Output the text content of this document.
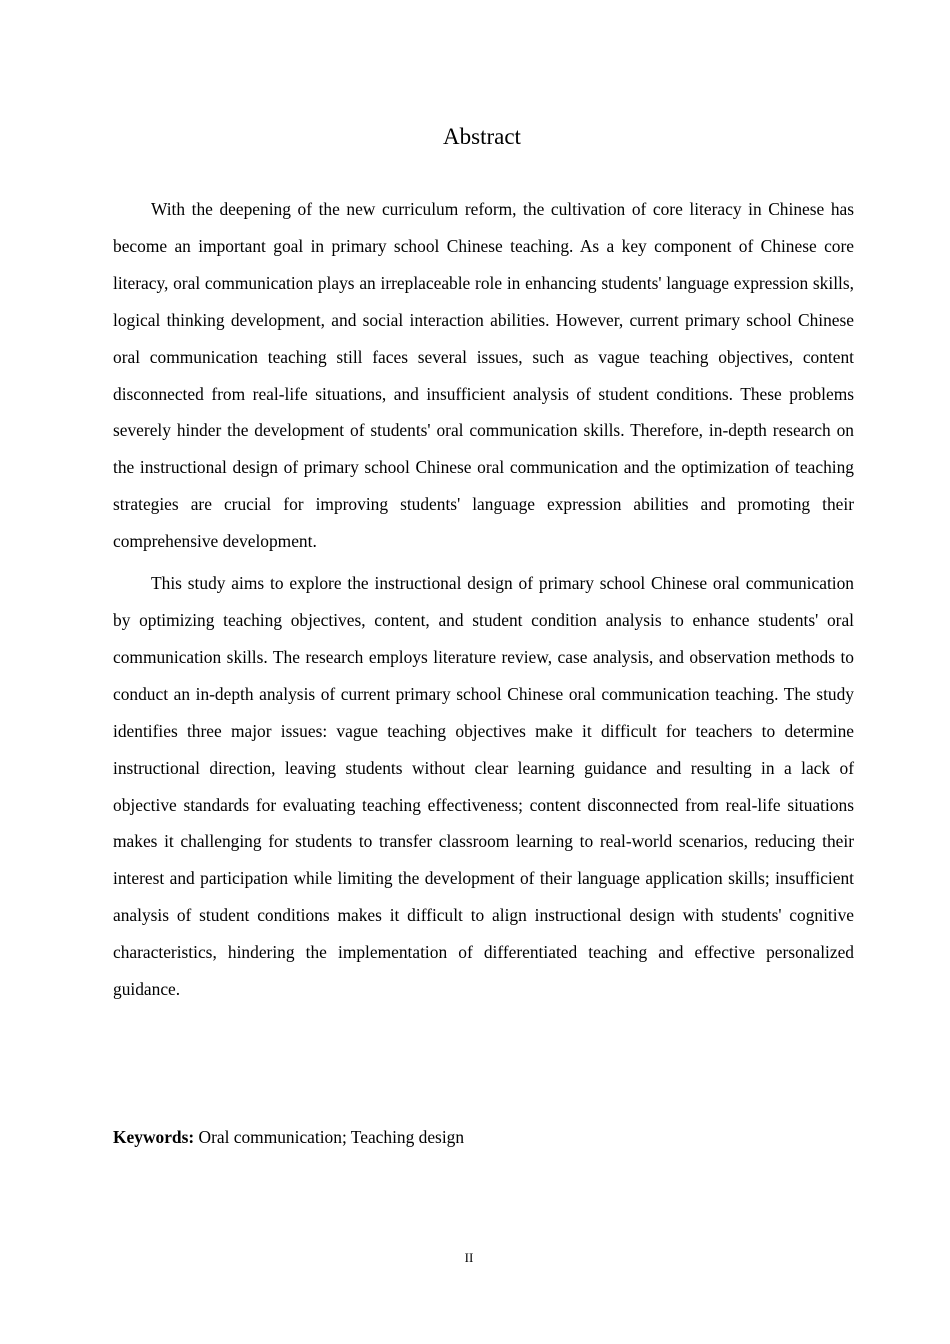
Abstract

With the deepening of the new curriculum reform, the cultivation of core literacy in Chinese has become an important goal in primary school Chinese teaching. As a key component of Chinese core literacy, oral communication plays an irreplaceable role in enhancing students' language expression skills, logical thinking development, and social interaction abilities. However, current primary school Chinese oral communication teaching still faces several issues, such as vague teaching objectives, content disconnected from real-life situations, and insufficient analysis of student conditions. These problems severely hinder the development of students' oral communication skills. Therefore, in-depth research on the instructional design of primary school Chinese oral communication and the optimization of teaching strategies are crucial for improving students' language expression abilities and promoting their comprehensive development.

This study aims to explore the instructional design of primary school Chinese oral communication by optimizing teaching objectives, content, and student condition analysis to enhance students' oral communication skills. The research employs literature review, case analysis, and observation methods to conduct an in-depth analysis of current primary school Chinese oral communication teaching. The study identifies three major issues: vague teaching objectives make it difficult for teachers to determine instructional direction, leaving students without clear learning guidance and resulting in a lack of objective standards for evaluating teaching effectiveness; content disconnected from real-life situations makes it challenging for students to transfer classroom learning to real-world scenarios, reducing their interest and participation while limiting the development of their language application skills; insufficient analysis of student conditions makes it difficult to align instructional design with students' cognitive characteristics, hindering the implementation of differentiated teaching and effective personalized guidance.

Keywords: Oral communication; Teaching design

II
